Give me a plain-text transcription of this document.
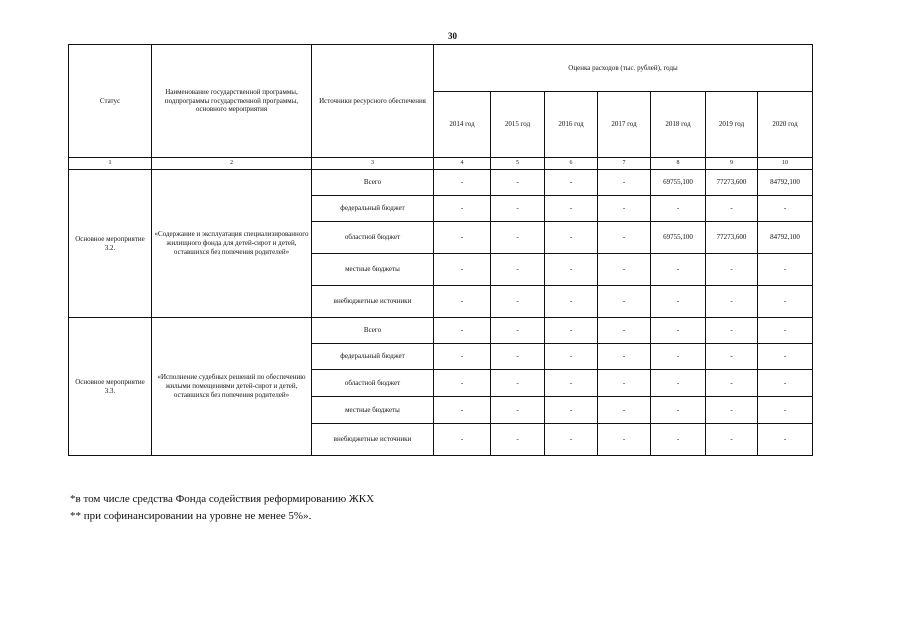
30
Статус	Наименование государственной программы, подпрограммы государственной программы, основного мероприятия	Источники ресурсного обеспечения	Оценка расходов (тыс. рублей), годы						
			2014 год	2015 год	2016 год	2017 год	2018 год	2019 год	2020 год
1	2	3	4	5	6	7	8	9	10
Основное мероприятие 3.2.	«Содержание и эксплуатация специализированного жилищного фонда для детей-сирот и детей, оставшихся без попечения родителей»	Всего	-	-	-	-	69755,100	77273,600	84792,100
		федеральный бюджет	-	-	-	-	-	-	-
		областной бюджет	-	-	-	-	69755,100	77273,600	84792,100
		местные бюджеты	-	-	-	-	-	-	-
		внебюджетные источники	-	-	-	-	-	-	-
Основное мероприятие 3.3.	«Исполнение судебных решений по обеспечению жилыми помещениями детей-сирот и детей, оставшихся без попечения родителей»	Всего	-	-	-	-	-	-	-
		федеральный бюджет	-	-	-	-	-	-	-
		областной бюджет	-	-	-	-	-	-	-
		местные бюджеты	-	-	-	-	-	-	-
		внебюджетные источники	-	-	-	-	-	-	-
*в том числе средства Фонда содействия реформированию ЖКХ
** при софинансировании на уровне не менее 5%».
